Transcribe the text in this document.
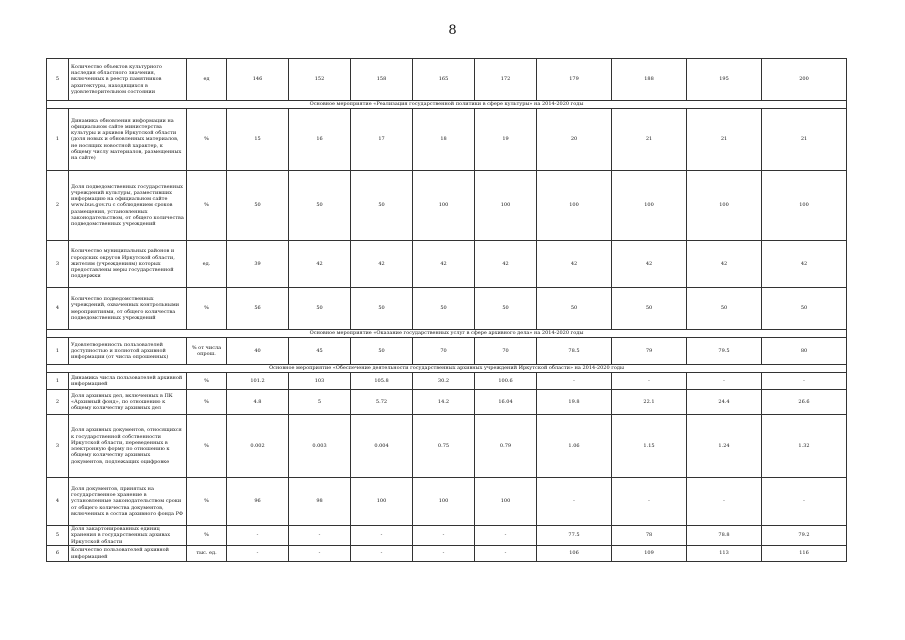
8
5	Количество объектов культурного наследия областного значения, включенных в реестр памятников архитектуры, находящихся в удовлетворительном состоянии	ед	146	152	158	165	172	179	188	195	200
Основное мероприятие «Реализация государственной политики в сфере культуры» на 2014-2020 годы											
1	Динамика обновления информации на официальном сайте министерства культуры и архивов Иркутской области (доля новых и обновленных материалов, не носящих новостной характер, к общему числу материалов, размещенных на сайте)	%	15	16	17	18	19	20	21	21	21
2	Доля подведомственных государственных учреждений культуры, разместивших информацию на официальном сайте www.bus.gov.ru с соблюдением сроков размещения, установленных законодательством, от общего количества подведомственных учреждений	%	50	50	50	100	100	100	100	100	100
3	Количество муниципальных районов и городских округов Иркутской области, жителям (учреждениям) которых предоставлены меры государственной поддержки	ед.	39	42	42	42	42	42	42	42	42
4	Количество подведомственных учреждений, охваченных контрольными мероприятиями, от общего количества подведомственных учреждений	%	56	50	50	50	50	50	50	50	50
Основное мероприятие «Оказание государственных услуг в сфере архивного дела» на 2014-2020 годы											
1	Удовлетворенность пользователей доступностью и полнотой архивной информации (от числа опрошенных)	% от числа опрош.	40	45	50	70	70	78.5	79	79.5	80
Основное мероприятие «Обеспечение деятельности государственных архивных учреждений Иркутской области» на 2014-2020 годы											
1	Динамика числа пользователей архивной информацией	%	101.2	103	105.8	30.2	100.6	-	-	-	-
2	Доля архивных дел, включенных в ПК «Архивный фонд», по отношению к общему количеству архивных дел	%	4.8	5	5.72	14.2	16.04	19.8	22.1	24.4	26.6
3	Доля архивных документов, относящихся к государственной собственности Иркутской области, переведенных в электронную форму по отношению к общему количеству архивных документов, подлежащих оцифровке	%	0.002	0.003	0.004	0.75	0.79	1.06	1.15	1.24	1.32
4	Доля документов, принятых на государственное хранение в установленные законодательством сроки от общего количества документов, включенных в состав архивного фонда РФ	%	96	98	100	100	100	-	-	-	-
5	Доля закартонированных единиц хранения в государственных архивах Иркутской области	%	-	-	-	-	-	77.5	78	78.8	79.2
6	Количество пользователей архивной информацией	тыс. ед.	-	-	-	-	-	106	109	113	116
